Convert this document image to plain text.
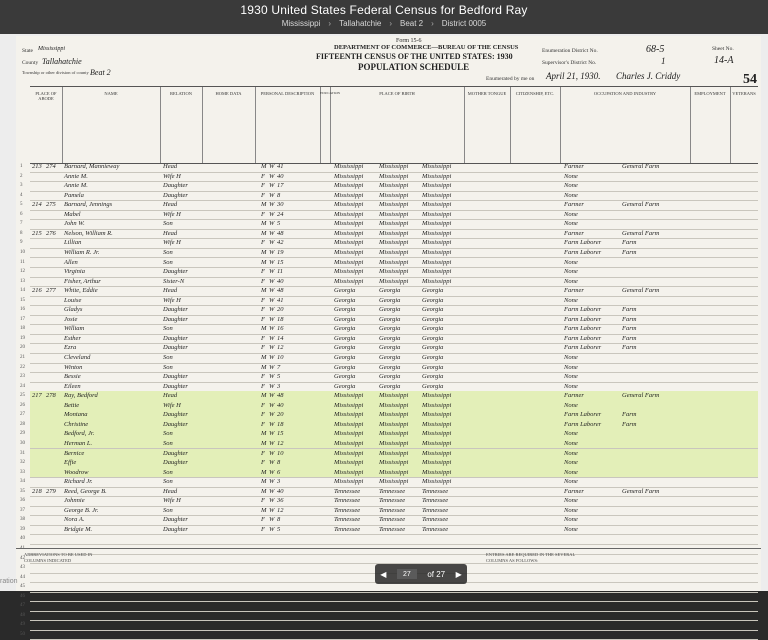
1930 United States Federal Census for Bedford Ray
Mississippi › Tallahatchie › Beat 2 › District 0005
Form 15-6
DEPARTMENT OF COMMERCE—BUREAU OF THE CENSUS
FIFTEENTH CENSUS OF THE UNITED STATES: 1930
POPULATION SCHEDULE
State Mississippi
County Tallahatchie
Township or other division of county Beat 2
Enumeration District No.	68-5	Sheet No.
14-A
Supervisor's District No.	1
Enumerated by me on April 21, 1930. Charles J. Criddy	54
PLACE OF ABODE
NAME	RELATION	HOME DATA	PERSONAL DESCRIPTION	EDUCATION	PLACE OF BIRTH	MOTHER TONGUE	CITIZENSHIP, ETC.	OCCUPATION AND INDUSTRY	EMPLOYMENT	VETERANS
1 213 274 Barnard, Mannieway	Head	M W 41	Mississippi Mississippi Mississippi	Farmer	General Farm
2	Annie M.	Wife H	F W 40	Mississippi Mississippi Mississippi	None
3	Annie M.	Daughter	F W 17	Mississippi Mississippi Mississippi	None
4	Pamela	Daughter	F W 8	Mississippi Mississippi Mississippi	None
5 214 275 Barnard, Jennings	Head	M W 30	Mississippi Mississippi Mississippi	Farmer	General Farm
6	Mabel	Wife H	F W 24	Mississippi Mississippi Mississippi	None
7	John W.	Son	M W 5	Mississippi Mississippi Mississippi	None
8 215 276 Nelson, William R.	Head	M W 48	Mississippi Mississippi Mississippi	Farmer	General Farm
9	Lillian	Wife H	F W 42	Mississippi Mississippi Mississippi	Farm Laborer	Farm
10	William R. Jr.	Son	M W 19	Mississippi Mississippi Mississippi	Farm Laborer	Farm
11	Allen	Son	M W 15	Mississippi Mississippi Mississippi	None
12	Virginia	Daughter	F W 11	Mississippi Mississippi Mississippi	None
13	Fisher, Arthur	Sister-N	F W 40	Mississippi Mississippi Mississippi	None
14 216 277 White, Eddie	Head	M W 48	Georgia	Georgia	Georgia	Farmer	General Farm
15	Louise	Wife H	F W 41	Georgia	Georgia	Georgia	None
16	Gladys	Daughter	F W 20	Georgia	Georgia	Georgia	Farm Laborer	Farm
17	Josie	Daughter	F W 18	Georgia	Georgia	Georgia	Farm Laborer	Farm
18	William	Son	M W 16	Georgia	Georgia	Georgia	Farm Laborer	Farm
19	Esther	Daughter	F W 14	Georgia	Georgia	Georgia	Farm Laborer	Farm
20	Ezra	Daughter	F W 12	Georgia	Georgia	Georgia	Farm Laborer	Farm
21	Cleveland	Son	M W 10	Georgia	Georgia	Georgia	None
22	Winton	Son	M W 7	Georgia	Georgia	Georgia	None
23	Bessie	Daughter	F W 5	Georgia	Georgia	Georgia	None
24	Eileen	Daughter	F W 3	Georgia	Georgia	Georgia	None
25 217 278 Ray, Bedford	Head	M W 48	Mississippi Mississippi Mississippi	Farmer	General Farm
26	Bettie	Wife H	F W 40	Mississippi Mississippi Mississippi	None
27	Montana	Daughter	F W 20	Mississippi Mississippi Mississippi	Farm Laborer	Farm
28	Christine	Daughter	F W 18	Mississippi Mississippi Mississippi	Farm Laborer	Farm
29	Bedford, Jr.	Son	M W 15	Mississippi Mississippi Mississippi	None
30	Herman L.	Son	M W 12	Mississippi Mississippi Mississippi	None
31	Bernice	Daughter	F W 10	Mississippi Mississippi Mississippi	None
32	Effie	Daughter	F W 8	Mississippi Mississippi Mississippi	None
33	Woodrow	Son	M W 6	Mississippi Mississippi Mississippi	None
34	Richard Jr.	Son	M W 3	Mississippi Mississippi Mississippi	None
35 218 279 Reed, George B.	Head	M W 40	Tennessee	Tennessee	Tennessee	Farmer	General Farm
36	Johnnie	Wife H	F W 36	Tennessee	Tennessee	Tennessee	None
37	George B. Jr.	Son	M W 12	Tennessee	Tennessee	Tennessee	None
38	Nora A.	Daughter	F W 8	Tennessee	Tennessee	Tennessee	None
39	Bridgie M.	Daughter	F W 5	Tennessee	Tennessee	Tennessee	None
40
41
42
43
44
45
46
47
48
49
50
ABBREVIATIONS TO BE USED IN COLUMNS INDICATED
ENTRIES ARE REQUIRED IN THE SEVERAL COLUMNS AS FOLLOWS:
◀
27	of 27 ▶
ration
